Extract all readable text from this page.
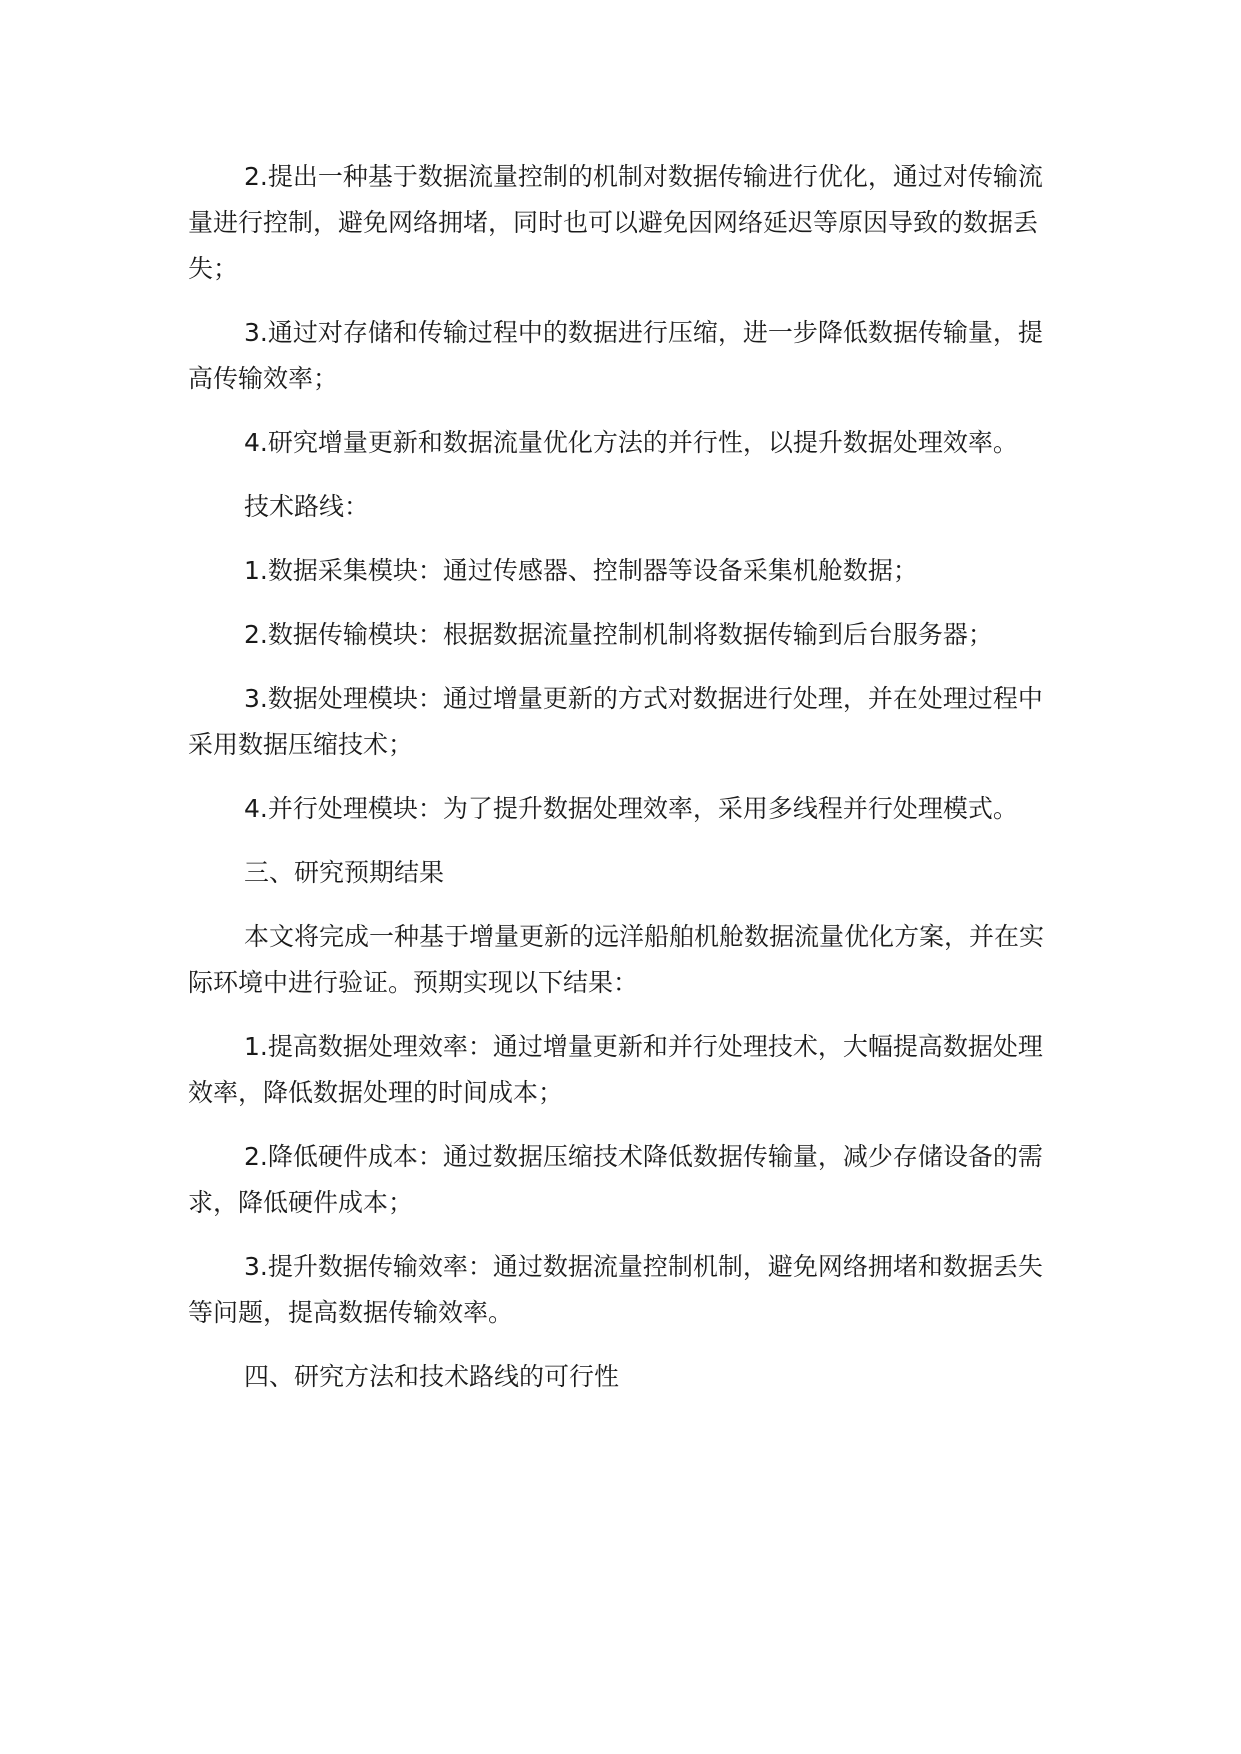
2.提出一种基于数据流量控制的机制对数据传输进行优化，通过对传输流量进行控制，避免网络拥堵，同时也可以避免因网络延迟等原因导致的数据丢失；

3.通过对存储和传输过程中的数据进行压缩，进一步降低数据传输量，提高传输效率；

4.研究增量更新和数据流量优化方法的并行性，以提升数据处理效率。

技术路线：

1.数据采集模块：通过传感器、控制器等设备采集机舱数据；

2.数据传输模块：根据数据流量控制机制将数据传输到后台服务器；

3.数据处理模块：通过增量更新的方式对数据进行处理，并在处理过程中采用数据压缩技术；

4.并行处理模块：为了提升数据处理效率，采用多线程并行处理模式。

三、研究预期结果

本文将完成一种基于增量更新的远洋船舶机舱数据流量优化方案，并在实际环境中进行验证。预期实现以下结果：

1.提高数据处理效率：通过增量更新和并行处理技术，大幅提高数据处理效率，降低数据处理的时间成本；

2.降低硬件成本：通过数据压缩技术降低数据传输量，减少存储设备的需求，降低硬件成本；

3.提升数据传输效率：通过数据流量控制机制，避免网络拥堵和数据丢失等问题，提高数据传输效率。

四、研究方法和技术路线的可行性
